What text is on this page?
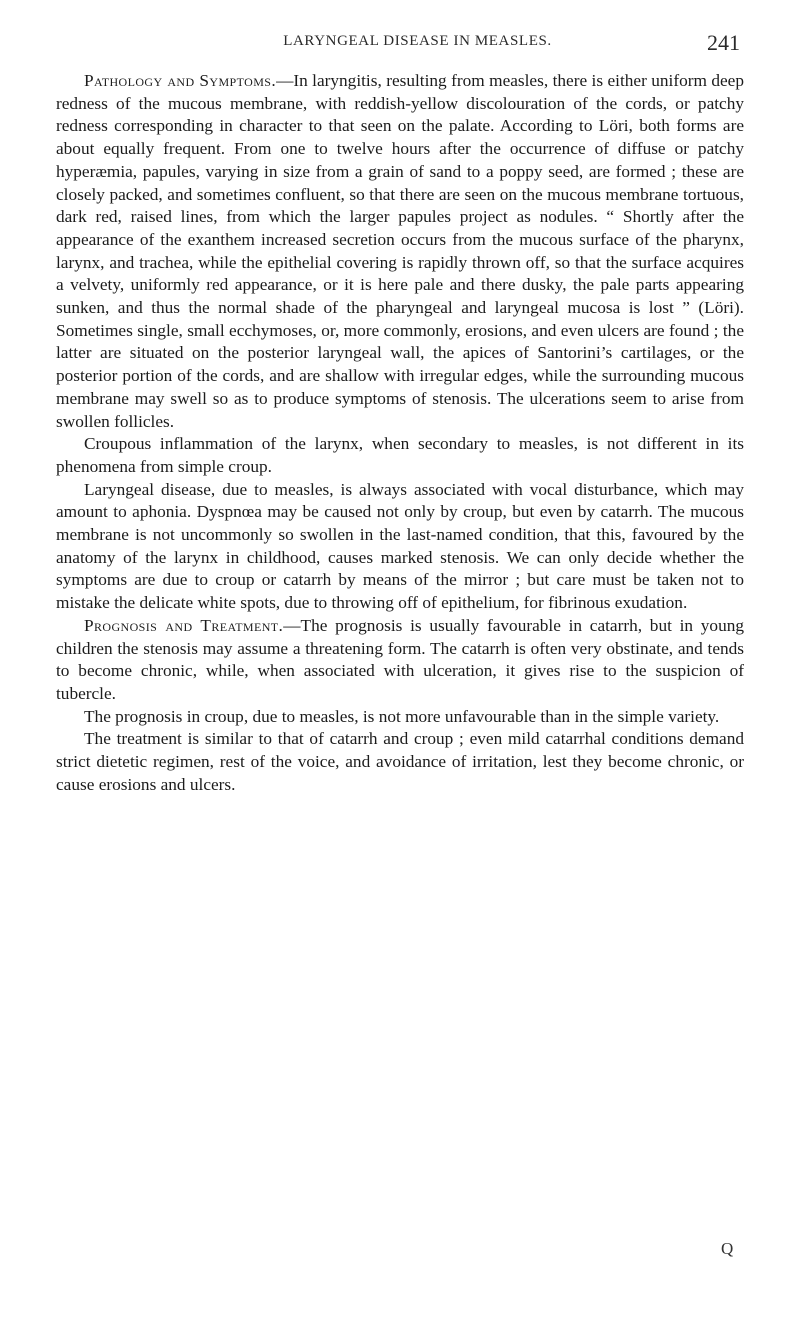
LARYNGEAL DISEASE IN MEASLES.	241

Pathology and Symptoms.—In laryngitis, resulting from measles, there is either uniform deep redness of the mucous membrane, with reddish-yellow discolouration of the cords, or patchy redness corresponding in character to that seen on the palate. According to Löri, both forms are about equally frequent. From one to twelve hours after the occurrence of diffuse or patchy hyperæmia, papules, varying in size from a grain of sand to a poppy seed, are formed ; these are closely packed, and sometimes confluent, so that there are seen on the mucous membrane tortuous, dark red, raised lines, from which the larger papules project as nodules. “ Shortly after the appearance of the exanthem increased secretion occurs from the mucous surface of the pharynx, larynx, and trachea, while the epithelial covering is rapidly thrown off, so that the surface acquires a velvety, uniformly red appearance, or it is here pale and there dusky, the pale parts appearing sunken, and thus the normal shade of the pharyngeal and laryngeal mucosa is lost ” (Löri). Sometimes single, small ecchymoses, or, more commonly, erosions, and even ulcers are found ; the latter are situated on the posterior laryngeal wall, the apices of Santorini’s cartilages, or the posterior portion of the cords, and are shallow with irregular edges, while the surrounding mucous membrane may swell so as to produce symptoms of stenosis. The ulcerations seem to arise from swollen follicles.

Croupous inflammation of the larynx, when secondary to measles, is not different in its phenomena from simple croup.

Laryngeal disease, due to measles, is always associated with vocal disturbance, which may amount to aphonia. Dyspnœa may be caused not only by croup, but even by catarrh. The mucous membrane is not uncommonly so swollen in the last-named condition, that this, favoured by the anatomy of the larynx in childhood, causes marked stenosis. We can only decide whether the symptoms are due to croup or catarrh by means of the mirror ; but care must be taken not to mistake the delicate white spots, due to throwing off of epithelium, for fibrinous exudation.

Prognosis and Treatment.—The prognosis is usually favourable in catarrh, but in young children the stenosis may assume a threatening form. The catarrh is often very obstinate, and tends to become chronic, while, when associated with ulceration, it gives rise to the suspicion of tubercle.

The prognosis in croup, due to measles, is not more unfavourable than in the simple variety.

The treatment is similar to that of catarrh and croup ; even mild catarrhal conditions demand strict dietetic regimen, rest of the voice, and avoidance of irritation, lest they become chronic, or cause erosions and ulcers.

Q
